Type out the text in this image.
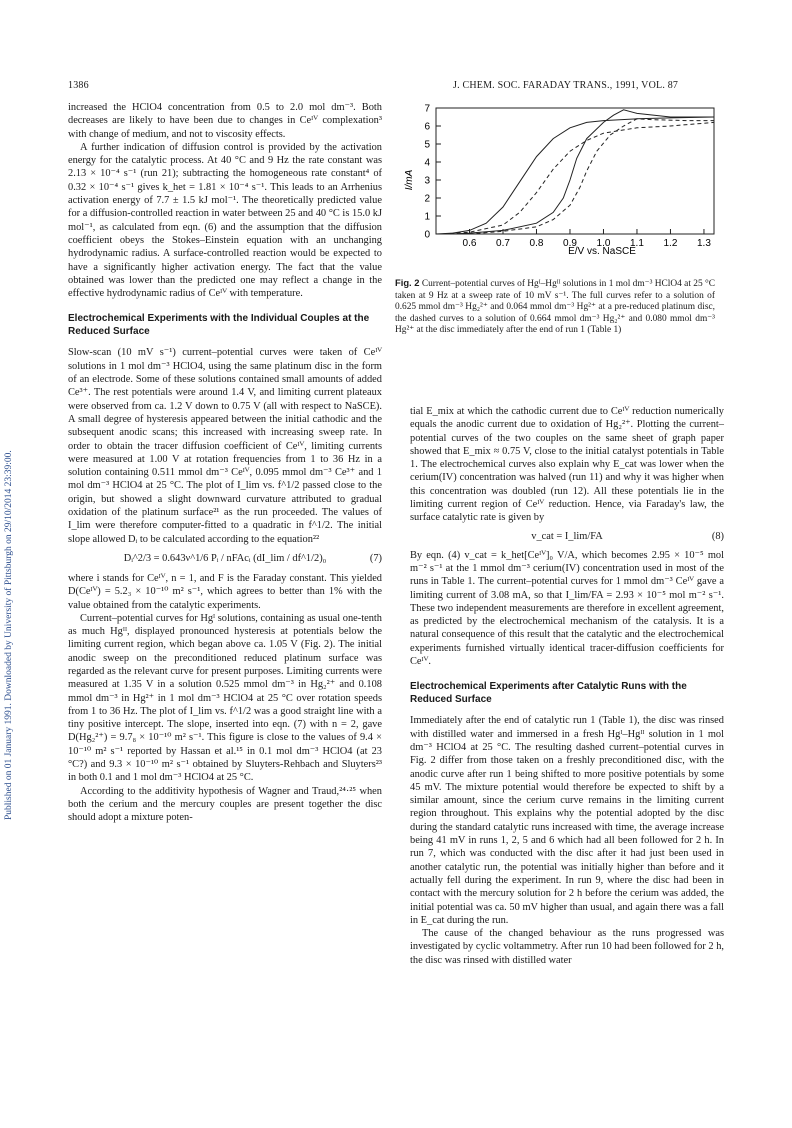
1386	J. CHEM. SOC. FARADAY TRANS., 1991, VOL. 87
Published on 01 January 1991. Downloaded by University of Pittsburgh on 29/10/2014 23:39:00.

increased the HClO4 concentration from 0.5 to 2.0 mol dm⁻³. Both decreases are likely to have been due to changes in Ceᴵⱽ complexation³ with change of medium, and not to viscosity effects.

A further indication of diffusion control is provided by the activation energy for the catalytic process. At 40 °C and 9 Hz the rate constant was 2.13 × 10⁻⁴ s⁻¹ (run 21); subtracting the homogeneous rate constant⁴ of 0.32 × 10⁻⁴ s⁻¹ gives k_het = 1.81 × 10⁻⁴ s⁻¹. This leads to an Arrhenius activation energy of 7.7 ± 1.5 kJ mol⁻¹. The theoretically predicted value for a diffusion-controlled reaction in water between 25 and 40 °C is 15.0 kJ mol⁻¹, as calculated from eqn. (6) and the assumption that the diffusion coefficient obeys the Stokes–Einstein equation with an unchanging hydrodynamic radius. A surface-controlled reaction would be expected to have a significantly higher activation energy. The fact that the value obtained was lower than the predicted one may reflect a change in the effective hydrodynamic radius of Ceᴵⱽ with temperature.

Electrochemical Experiments with the Individual Couples at the Reduced Surface

Slow-scan (10 mV s⁻¹) current–potential curves were taken of Ceᴵⱽ solutions in 1 mol dm⁻³ HClO4, using the same platinum disc in the form of an electrode. Some of these solutions contained small amounts of added Ce³⁺. The rest potentials were around 1.4 V, and limiting current plateaux were observed from ca. 1.2 V down to 0.75 V (all with respect to NaSCE). A small degree of hysteresis appeared between the initial cathodic and the subsequent anodic scans; this increased with increasing sweep rate. In order to obtain the tracer diffusion coefficient of Ceᴵⱽ, limiting currents were measured at 1.00 V at rotation frequencies from 1 to 36 Hz in a solution containing 0.511 mmol dm⁻³ Ceᴵⱽ, 0.095 mmol dm⁻³ Ce³⁺ and 1 mol dm⁻³ HClO4 at 25 °C. The plot of I_lim vs. f^1/2 passed close to the origin, but showed a slight downward curvature attributed to gradual oxidation of the platinum surface²¹ as the run proceeded. The values of I_lim were therefore computer-fitted to a quadratic in f^1/2. The initial slope allowed Dᵢ to be calculated according to the equation²²

Dᵢ^2/3 = 0.643ν^1/6 Pᵢ / nFAcᵢ (dI_lim / df^1/2)₀	(7)

where i stands for Ceᴵⱽ, n = 1, and F is the Faraday constant. This yielded D(Ceᴵⱽ) = 5.2₃ × 10⁻¹⁰ m² s⁻¹, which agrees to better than 1% with the value obtained from the catalytic experiments.

Current–potential curves for Hgᴵ solutions, containing as usual one-tenth as much Hgᴵᴵ, displayed pronounced hysteresis at potentials below the limiting current region, which began above ca. 1.05 V (Fig. 2). The initial anodic sweep on the preconditioned reduced platinum surface was regarded as the relevant curve for present purposes. Limiting currents were measured at 1.35 V in a solution 0.525 mmol dm⁻³ in Hg₂²⁺ and 0.108 mmol dm⁻³ in Hg²⁺ in 1 mol dm⁻³ HClO4 at 25 °C over rotation speeds from 1 to 36 Hz. The plot of I_lim vs. f^1/2 was a good straight line with a tiny positive intercept. The slope, inserted into eqn. (7) with n = 2, gave D(Hg₂²⁺) = 9.7₈ × 10⁻¹⁰ m² s⁻¹. This figure is close to the values of 9.4 × 10⁻¹⁰ m² s⁻¹ reported by Hassan et al.¹⁵ in 0.1 mol dm⁻³ HClO4 (at 23 °C?) and 9.3 × 10⁻¹⁰ m² s⁻¹ obtained by Sluyters-Rehbach and Sluyters²³ in both 0.1 and 1 mol dm⁻³ HClO4 at 25 °C.

According to the additivity hypothesis of Wagner and Traud,²⁴·²⁵ when both the cerium and the mercury couples are present together the disc should adopt a mixture poten-

0
1
2
3
4
5
6
7
0.6 0.7 0.8 0.9 1.0 1.1 1.2 1.3
I/mA
E/V vs. NaSCE
Fig. 2 Current–potential curves of Hgᴵ–Hgᴵᴵ solutions in 1 mol dm⁻³ HClO4 at 25 °C taken at 9 Hz at a sweep rate of 10 mV s⁻¹. The full curves refer to a solution of 0.625 mmol dm⁻³ Hg₂²⁺ and 0.064 mmol dm⁻³ Hg²⁺ at a pre-reduced platinum disc, the dashed curves to a solution of 0.664 mmol dm⁻³ Hg₂²⁺ and 0.080 mmol dm⁻³ Hg²⁺ at the disc immediately after the end of run 1 (Table 1)

tial E_mix at which the cathodic current due to Ceᴵⱽ reduction numerically equals the anodic current due to oxidation of Hg₂²⁺. Plotting the current–potential curves of the two couples on the same sheet of graph paper showed that E_mix ≈ 0.75 V, close to the initial catalyst potentials in Table 1. The electrochemical curves also explain why E_cat was lower when the cerium(IV) concentration was halved (run 11) and why it was higher when this concentration was doubled (run 12). All these potentials lie in the limiting current region of Ceᴵⱽ reduction. Hence, via Faraday's law, the surface catalytic rate is given by

v_cat = I_lim/FA	(8)

By eqn. (4) v_cat = k_het[Ceᴵⱽ]₀ V/A, which becomes 2.95 × 10⁻⁵ mol m⁻² s⁻¹ at the 1 mmol dm⁻³ cerium(IV) concentration used in most of the runs in Table 1. The current–potential curves for 1 mmol dm⁻³ Ceᴵⱽ gave a limiting current of 3.08 mA, so that I_lim/FA = 2.93 × 10⁻⁵ mol m⁻² s⁻¹. These two independent measurements are therefore in excellent agreement, as predicted by the electrochemical mechanism of the catalysis. It is a natural consequence of this result that the catalytic and the electrochemical experiments furnished virtually identical tracer-diffusion coefficients for Ceᴵⱽ.

Electrochemical Experiments after Catalytic Runs with the Reduced Surface

Immediately after the end of catalytic run 1 (Table 1), the disc was rinsed with distilled water and immersed in a fresh Hgᴵ–Hgᴵᴵ solution in 1 mol dm⁻³ HClO4 at 25 °C. The resulting dashed current–potential curves in Fig. 2 differ from those taken on a freshly preconditioned disc, with the anodic curve after run 1 being shifted to more positive potentials by some 45 mV. The mixture potential would therefore be expected to shift by a similar amount, since the cerium curve remains in the limiting current region throughout. This explains why the potential adopted by the disc during the standard catalytic runs increased with time, the average increase being 41 mV in runs 1, 2, 5 and 6 which had all been followed for 2 h. In run 7, which was conducted with the disc after it had just been used in another catalytic run, the potential was initially higher than before and it actually fell during the experiment. In run 9, where the disc had been in contact with the mercury solution for 2 h before the cerium was added, the initial potential was ca. 50 mV higher than usual, and again there was a fall in E_cat during the run.

The cause of the changed behaviour as the runs progressed was investigated by cyclic voltammetry. After run 10 had been followed for 2 h, the disc was rinsed with distilled water
